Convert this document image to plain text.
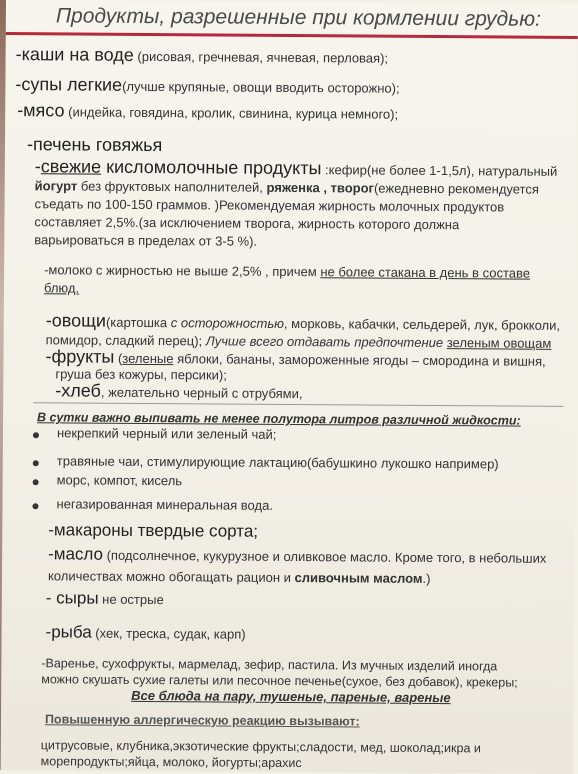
Продукты, разрешенные при кормлении грудью:
-каши на воде (рисовая, гречневая, ячневая, перловая);
-супы легкие(лучше крупяные, овощи вводить осторожно);
-мясо (индейка, говядина, кролик, свинина, курица немного);
-печень говяжья
-свежие кисломолочные продукты :кефир(не более 1-1,5л), натуральный
йогурт без фруктовых наполнителей, ряженка , творог(ежедневно рекомендуется
съедать по 100-150 граммов. )Рекомендуемая жирность молочных продуктов
составляет 2,5%.(за исключением творога, жирность которого должна
варьироваться в пределах от 3-5 %).
-молоко с жирностью не выше 2,5% , причем не более стакана в день в составе
блюд.
-овощи(картошка с осторожностью, морковь, кабачки, сельдерей, лук, брокколи,
помидор, сладкий перец); Лучше всего отдавать предпочтение зеленым овощам
-фрукты (зеленые яблоки, бананы, замороженные ягоды – смородина и вишня,
груша без кожуры, персики);
-хлеб, желательно черный с отрубями,
В сутки важно выпивать не менее полутора литров различной жидкости:
некрепкий черный или зеленый чай;
травяные чаи, стимулирующие лактацию(бабушкино лукошко например)
морс, компот, кисель
негазированная минеральная вода.
-макароны твердые сорта;
-масло (подсолнечное, кукурузное и оливковое масло. Кроме того, в небольших
количествах можно обогащать рацион и сливочным маслом.)
- сыры не острые
-рыба (хек, треска, судак, карп)
-Варенье, сухофрукты, мармелад, зефир, пастила. Из мучных изделий иногда
можно скушать сухие галеты или песочное печенье(сухое, без добавок), крекеры;
Все блюда на пару, тушеные, пареные, вареные
Повышенную аллергическую реакцию вызывают:
цитрусовые, клубника,экзотические фрукты;сладости, мед, шоколад;икра и
морепродукты;яйца, молоко, йогурты;арахис
